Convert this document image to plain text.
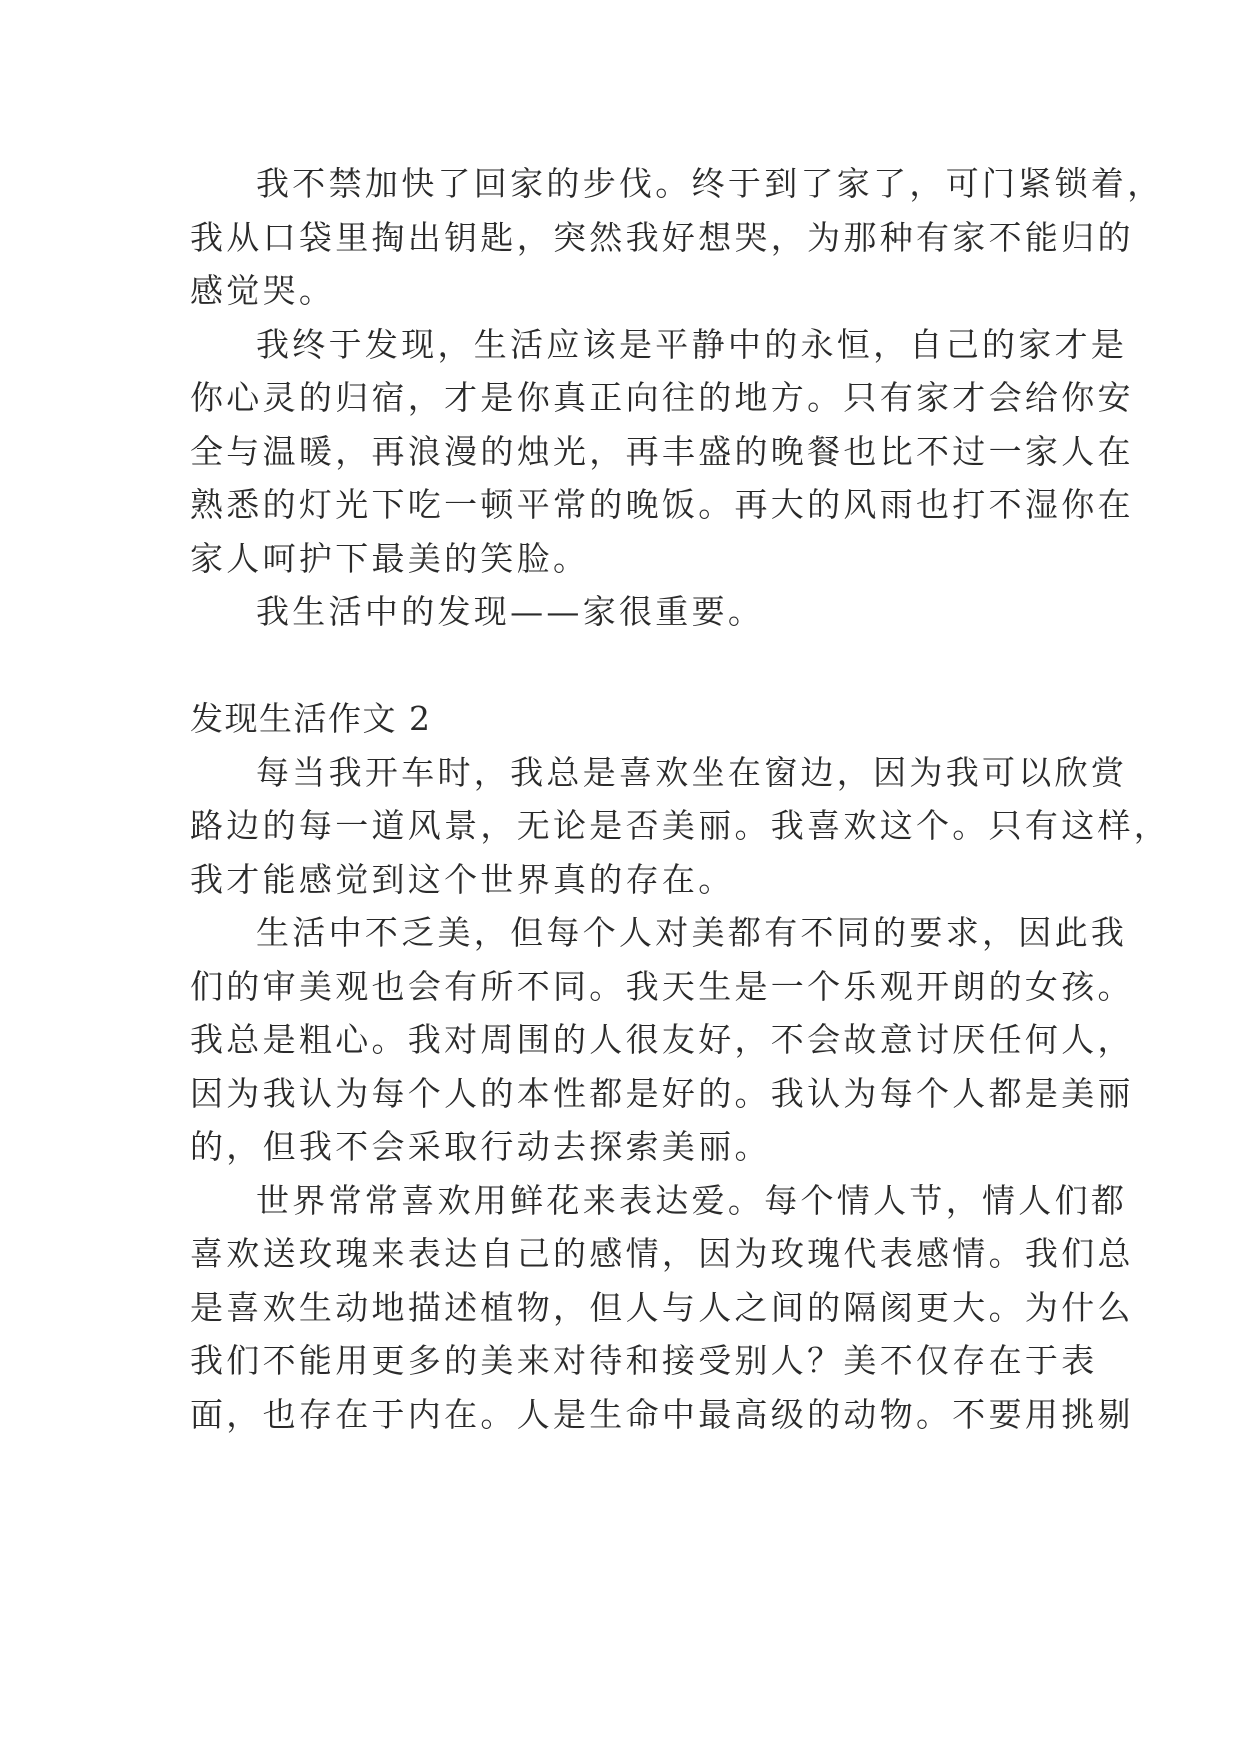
我不禁加快了回家的步伐。终于到了家了，可门紧锁着，
我从口袋里掏出钥匙，突然我好想哭，为那种有家不能归的
感觉哭。
我终于发现，生活应该是平静中的永恒，自己的家才是
你心灵的归宿，才是你真正向往的地方。只有家才会给你安
全与温暖，再浪漫的烛光，再丰盛的晚餐也比不过一家人在
熟悉的灯光下吃一顿平常的晚饭。再大的风雨也打不湿你在
家人呵护下最美的笑脸。
我生活中的发现——家很重要。
发现生活作文 2
每当我开车时，我总是喜欢坐在窗边，因为我可以欣赏
路边的每一道风景，无论是否美丽。我喜欢这个。只有这样，
我才能感觉到这个世界真的存在。
生活中不乏美，但每个人对美都有不同的要求，因此我
们的审美观也会有所不同。我天生是一个乐观开朗的女孩。
我总是粗心。我对周围的人很友好，不会故意讨厌任何人，
因为我认为每个人的本性都是好的。我认为每个人都是美丽
的，但我不会采取行动去探索美丽。
世界常常喜欢用鲜花来表达爱。每个情人节，情人们都
喜欢送玫瑰来表达自己的感情，因为玫瑰代表感情。我们总
是喜欢生动地描述植物，但人与人之间的隔阂更大。为什么
我们不能用更多的美来对待和接受别人？美不仅存在于表
面，也存在于内在。人是生命中最高级的动物。不要用挑剔
